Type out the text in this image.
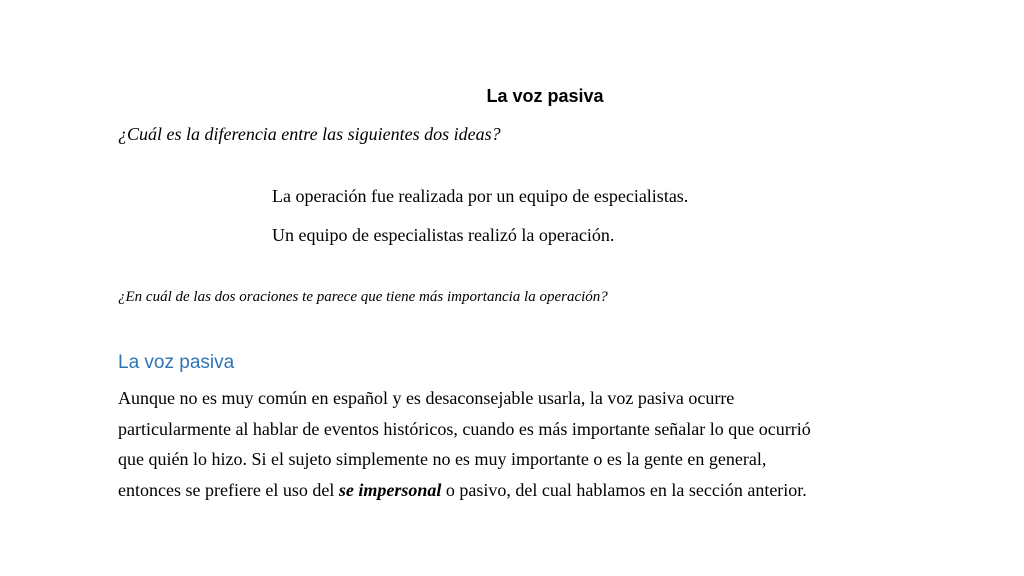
La voz pasiva
¿Cuál es la diferencia entre las siguientes dos ideas?
La operación fue realizada por un equipo de especialistas.
Un equipo de especialistas realizó la operación.
¿En cuál de las dos oraciones te parece que tiene más importancia la operación?
La voz pasiva
Aunque no es muy común en español y es desaconsejable usarla, la voz pasiva ocurre
particularmente al hablar de eventos históricos, cuando es más importante señalar lo que ocurrió
que quién lo hizo. Si el sujeto simplemente no es muy importante o es la gente en general,
entonces se prefiere el uso del se impersonal o pasivo, del cual hablamos en la sección anterior.
